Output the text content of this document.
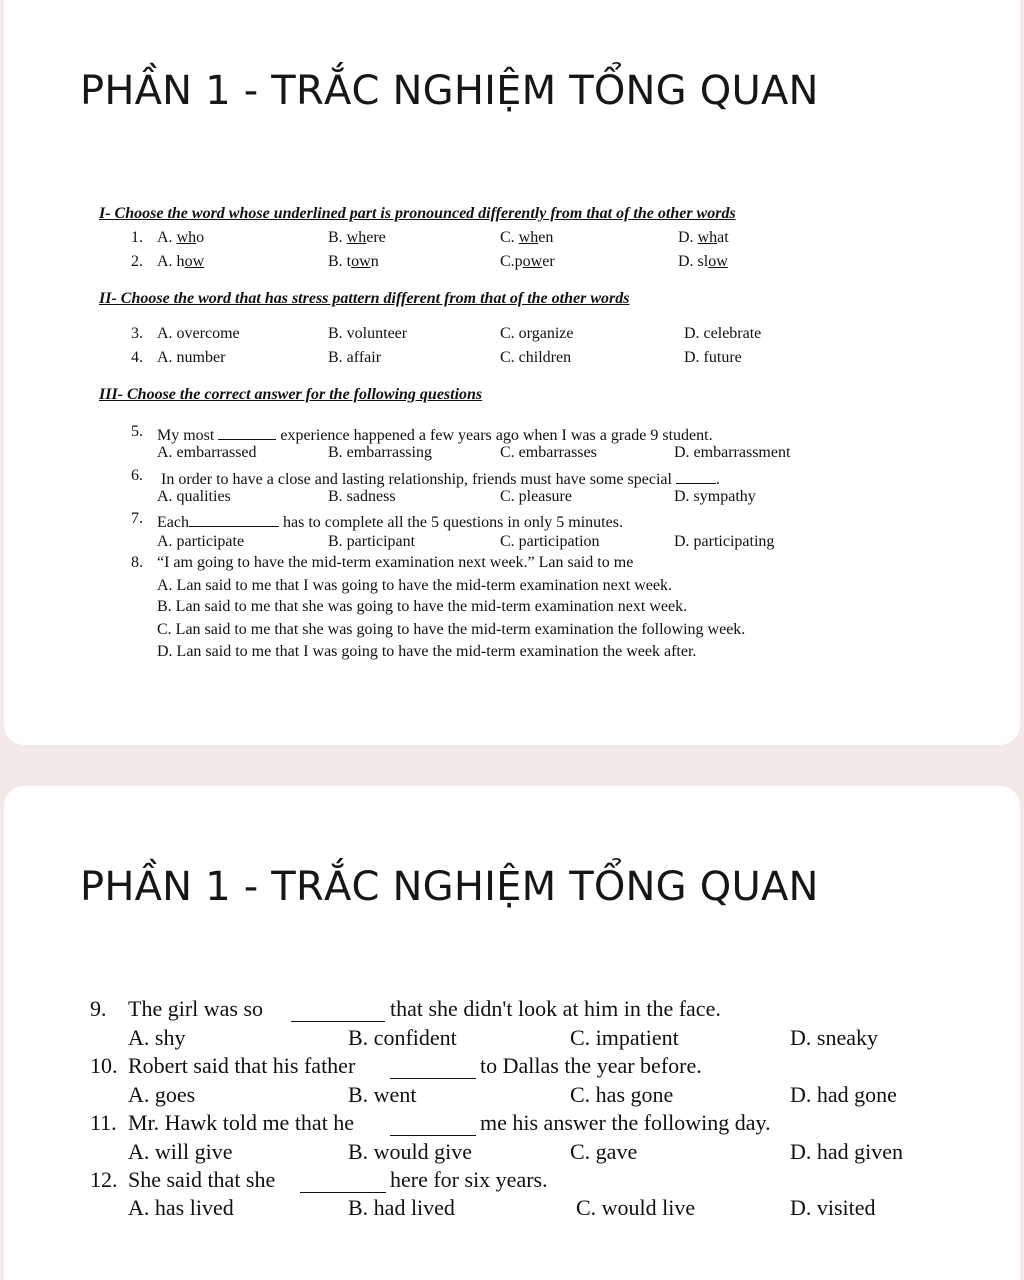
PHẦN 1 - TRẮC NGHIỆM TỔNG QUAN
I- Choose the word whose underlined part is pronounced differently from that of the other words
1. A. who	B. where	C. when	D. what
2. A. how	B. town	C.power	D. slow
II- Choose the word that has stress pattern different from that of the other words
3. A. overcome	B. volunteer	C. organize	D. celebrate
4. A. number	B. affair	C. children	D. future
III- Choose the correct answer for the following questions
5. My most	experience happened a few years ago when I was a grade 9 student.
A. embarrassed	B. embarrassing	C. embarrasses	D. embarrassment
6. In order to have a close and lasting relationship, friends must have some special	.
A. qualities	B. sadness	C. pleasure	D. sympathy
7. Each	has to complete all the 5 questions in only 5 minutes.
A. participate	B. participant	C. participation	D. participating
8. “I am going to have the mid-term examination next week.” Lan said to me
A. Lan said to me that I was going to have the mid-term examination next week.
B. Lan said to me that she was going to have the mid-term examination next week.
C. Lan said to me that she was going to have the mid-term examination the following week.
D. Lan said to me that I was going to have the mid-term examination the week after.
PHẦN 1 - TRẮC NGHIỆM TỔNG QUAN
9. The girl was so	that she didn't look at him in the face.
A. shy	B. confident	C. impatient	D. sneaky
10. Robert said that his father	to Dallas the year before.
A. goes	B. went	C. has gone	D. had gone
11. Mr. Hawk told me that he	me his answer the following day.
A. will give	B. would give	C. gave	D. had given
12. She said that she	here for six years.
A. has lived	B. had lived	C. would live	D. visited
